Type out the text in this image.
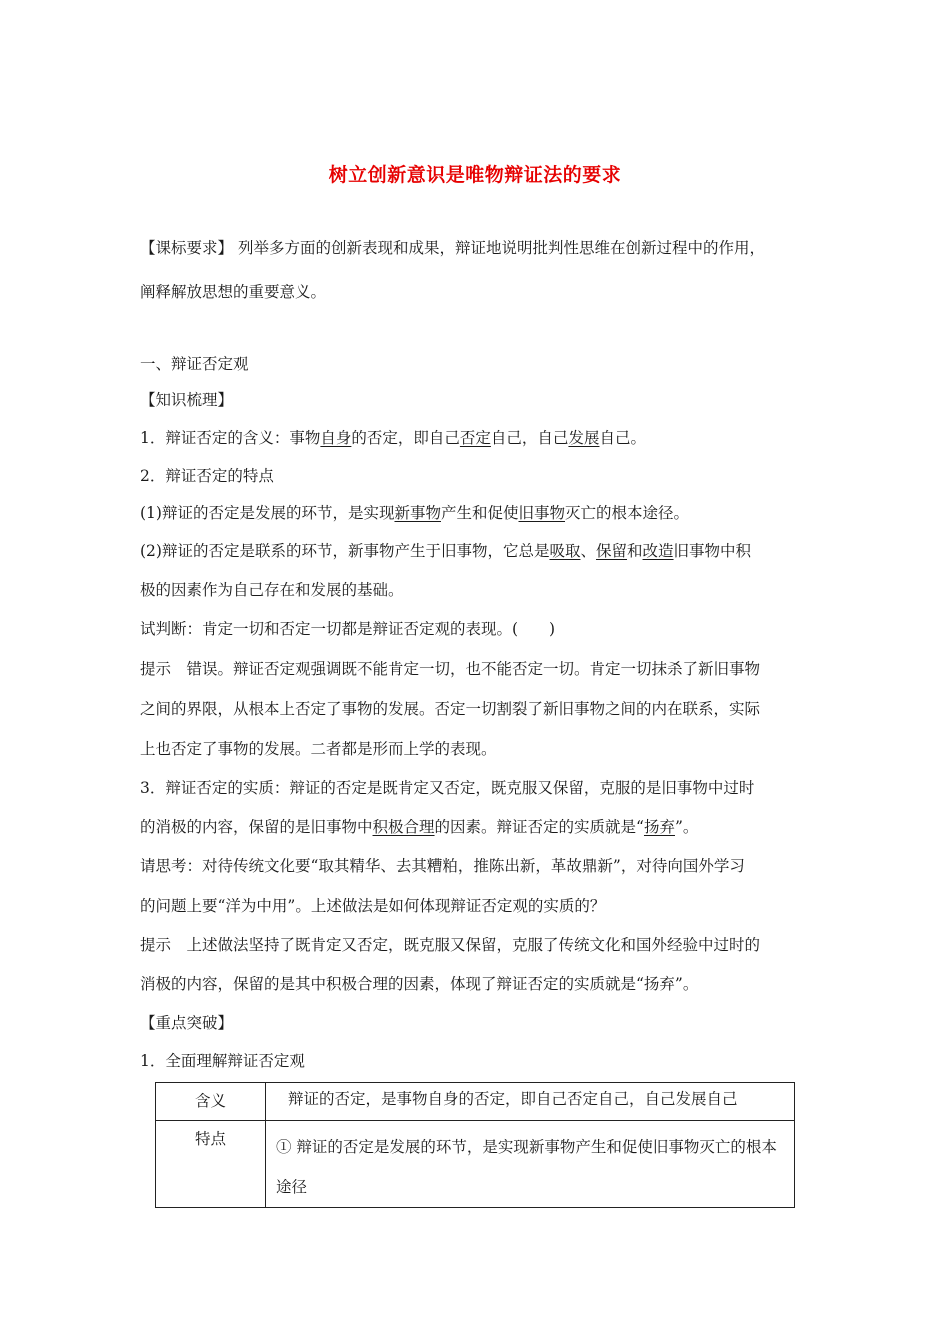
树立创新意识是唯物辩证法的要求
【课标要求】 列举多方面的创新表现和成果，辩证地说明批判性思维在创新过程中的作用，
阐释解放思想的重要意义。
一、辩证否定观
【知识梳理】
1．辩证否定的含义：事物自身的否定，即自己否定自己，自己发展自己。
2．辩证否定的特点
(1)辩证的否定是发展的环节，是实现新事物产生和促使旧事物灭亡的根本途径。
(2)辩证的否定是联系的环节，新事物产生于旧事物，它总是吸取、保留和改造旧事物中积
极的因素作为自己存在和发展的基础。
试判断：肯定一切和否定一切都是辩证否定观的表现。(　　)
提示　错误。辩证否定观强调既不能肯定一切，也不能否定一切。肯定一切抹杀了新旧事物
之间的界限，从根本上否定了事物的发展。否定一切割裂了新旧事物之间的内在联系，实际
上也否定了事物的发展。二者都是形而上学的表现。
3．辩证否定的实质：辩证的否定是既肯定又否定，既克服又保留，克服的是旧事物中过时
的消极的内容，保留的是旧事物中积极合理的因素。辩证否定的实质就是“扬弃”。
请思考：对待传统文化要“取其精华、去其糟粕，推陈出新，革故鼎新”，对待向国外学习
的问题上要“洋为中用”。上述做法是如何体现辩证否定观的实质的？
提示　上述做法坚持了既肯定又否定，既克服又保留，克服了传统文化和国外经验中过时的
消极的内容，保留的是其中积极合理的因素，体现了辩证否定的实质就是“扬弃”。
【重点突破】
1．全面理解辩证否定观
含义	辩证的否定，是事物自身的否定，即自己否定自己，自己发展自己
特点	① 辩证的否定是发展的环节，是实现新事物产生和促使旧事物灭亡的根本途径
